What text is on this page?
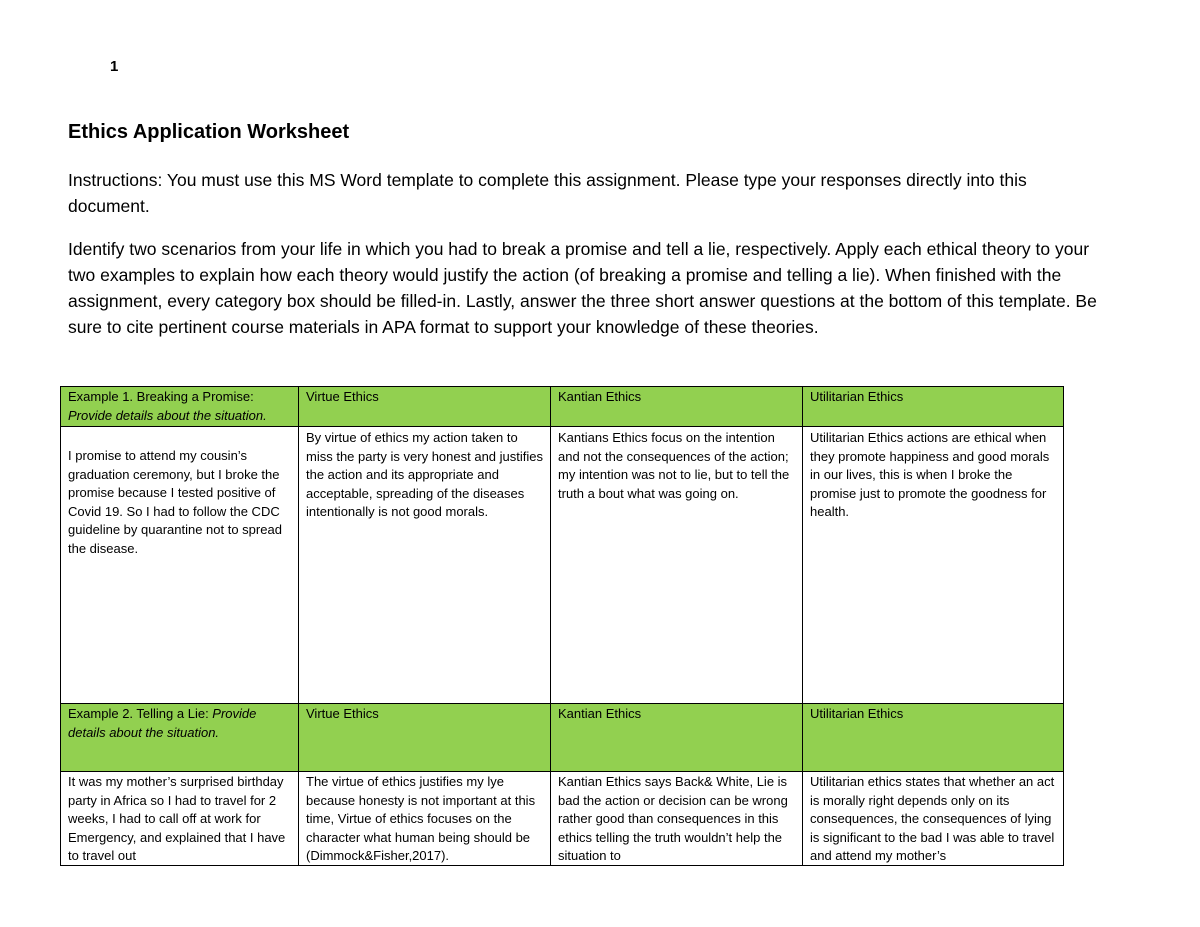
1
Ethics Application Worksheet
Instructions: You must use this MS Word template to complete this assignment. Please type your responses directly into this document.
Identify two scenarios from your life in which you had to break a promise and tell a lie, respectively. Apply each ethical theory to your two examples to explain how each theory would justify the action (of breaking a promise and telling a lie). When finished with the assignment, every category box should be filled-in. Lastly, answer the three short answer questions at the bottom of this template. Be sure to cite pertinent course materials in APA format to support your knowledge of these theories.
Example 1. Breaking a Promise: Provide details about the situation.	Virtue Ethics	Kantian Ethics	Utilitarian Ethics
I promise to attend my cousin’s graduation ceremony, but I broke the promise because I tested positive of Covid 19. So I had to follow the CDC guideline by quarantine not to spread the disease.	By virtue of ethics my action taken to miss the party is very honest and justifies the action and its appropriate and acceptable, spreading of the diseases intentionally is not good morals.	Kantians Ethics focus on the intention and not the consequences of the action; my intention was not to lie, but to tell the truth a bout what was going on.	Utilitarian Ethics actions are ethical when they promote happiness and good morals in our lives, this is when I broke the promise just to promote the goodness for health.
Example 2. Telling a Lie: Provide details about the situation.	Virtue Ethics	Kantian Ethics	Utilitarian Ethics

It was my mother’s surprised birthday party in Africa so I had to travel for 2 weeks, I had to call off at work for Emergency, and explained that I have to travel out	The virtue of ethics justifies my lye because honesty is not important at this time, Virtue of ethics focuses on the character what human being should be (Dimmock&Fisher,2017).	Kantian Ethics says Back& White, Lie is bad the action or decision can be wrong rather good than consequences in this ethics telling the truth wouldn’t help the situation to	Utilitarian ethics states that whether an act is morally right depends only on its consequences, the consequences of lying is significant to the bad I was able to travel and attend my mother’s
